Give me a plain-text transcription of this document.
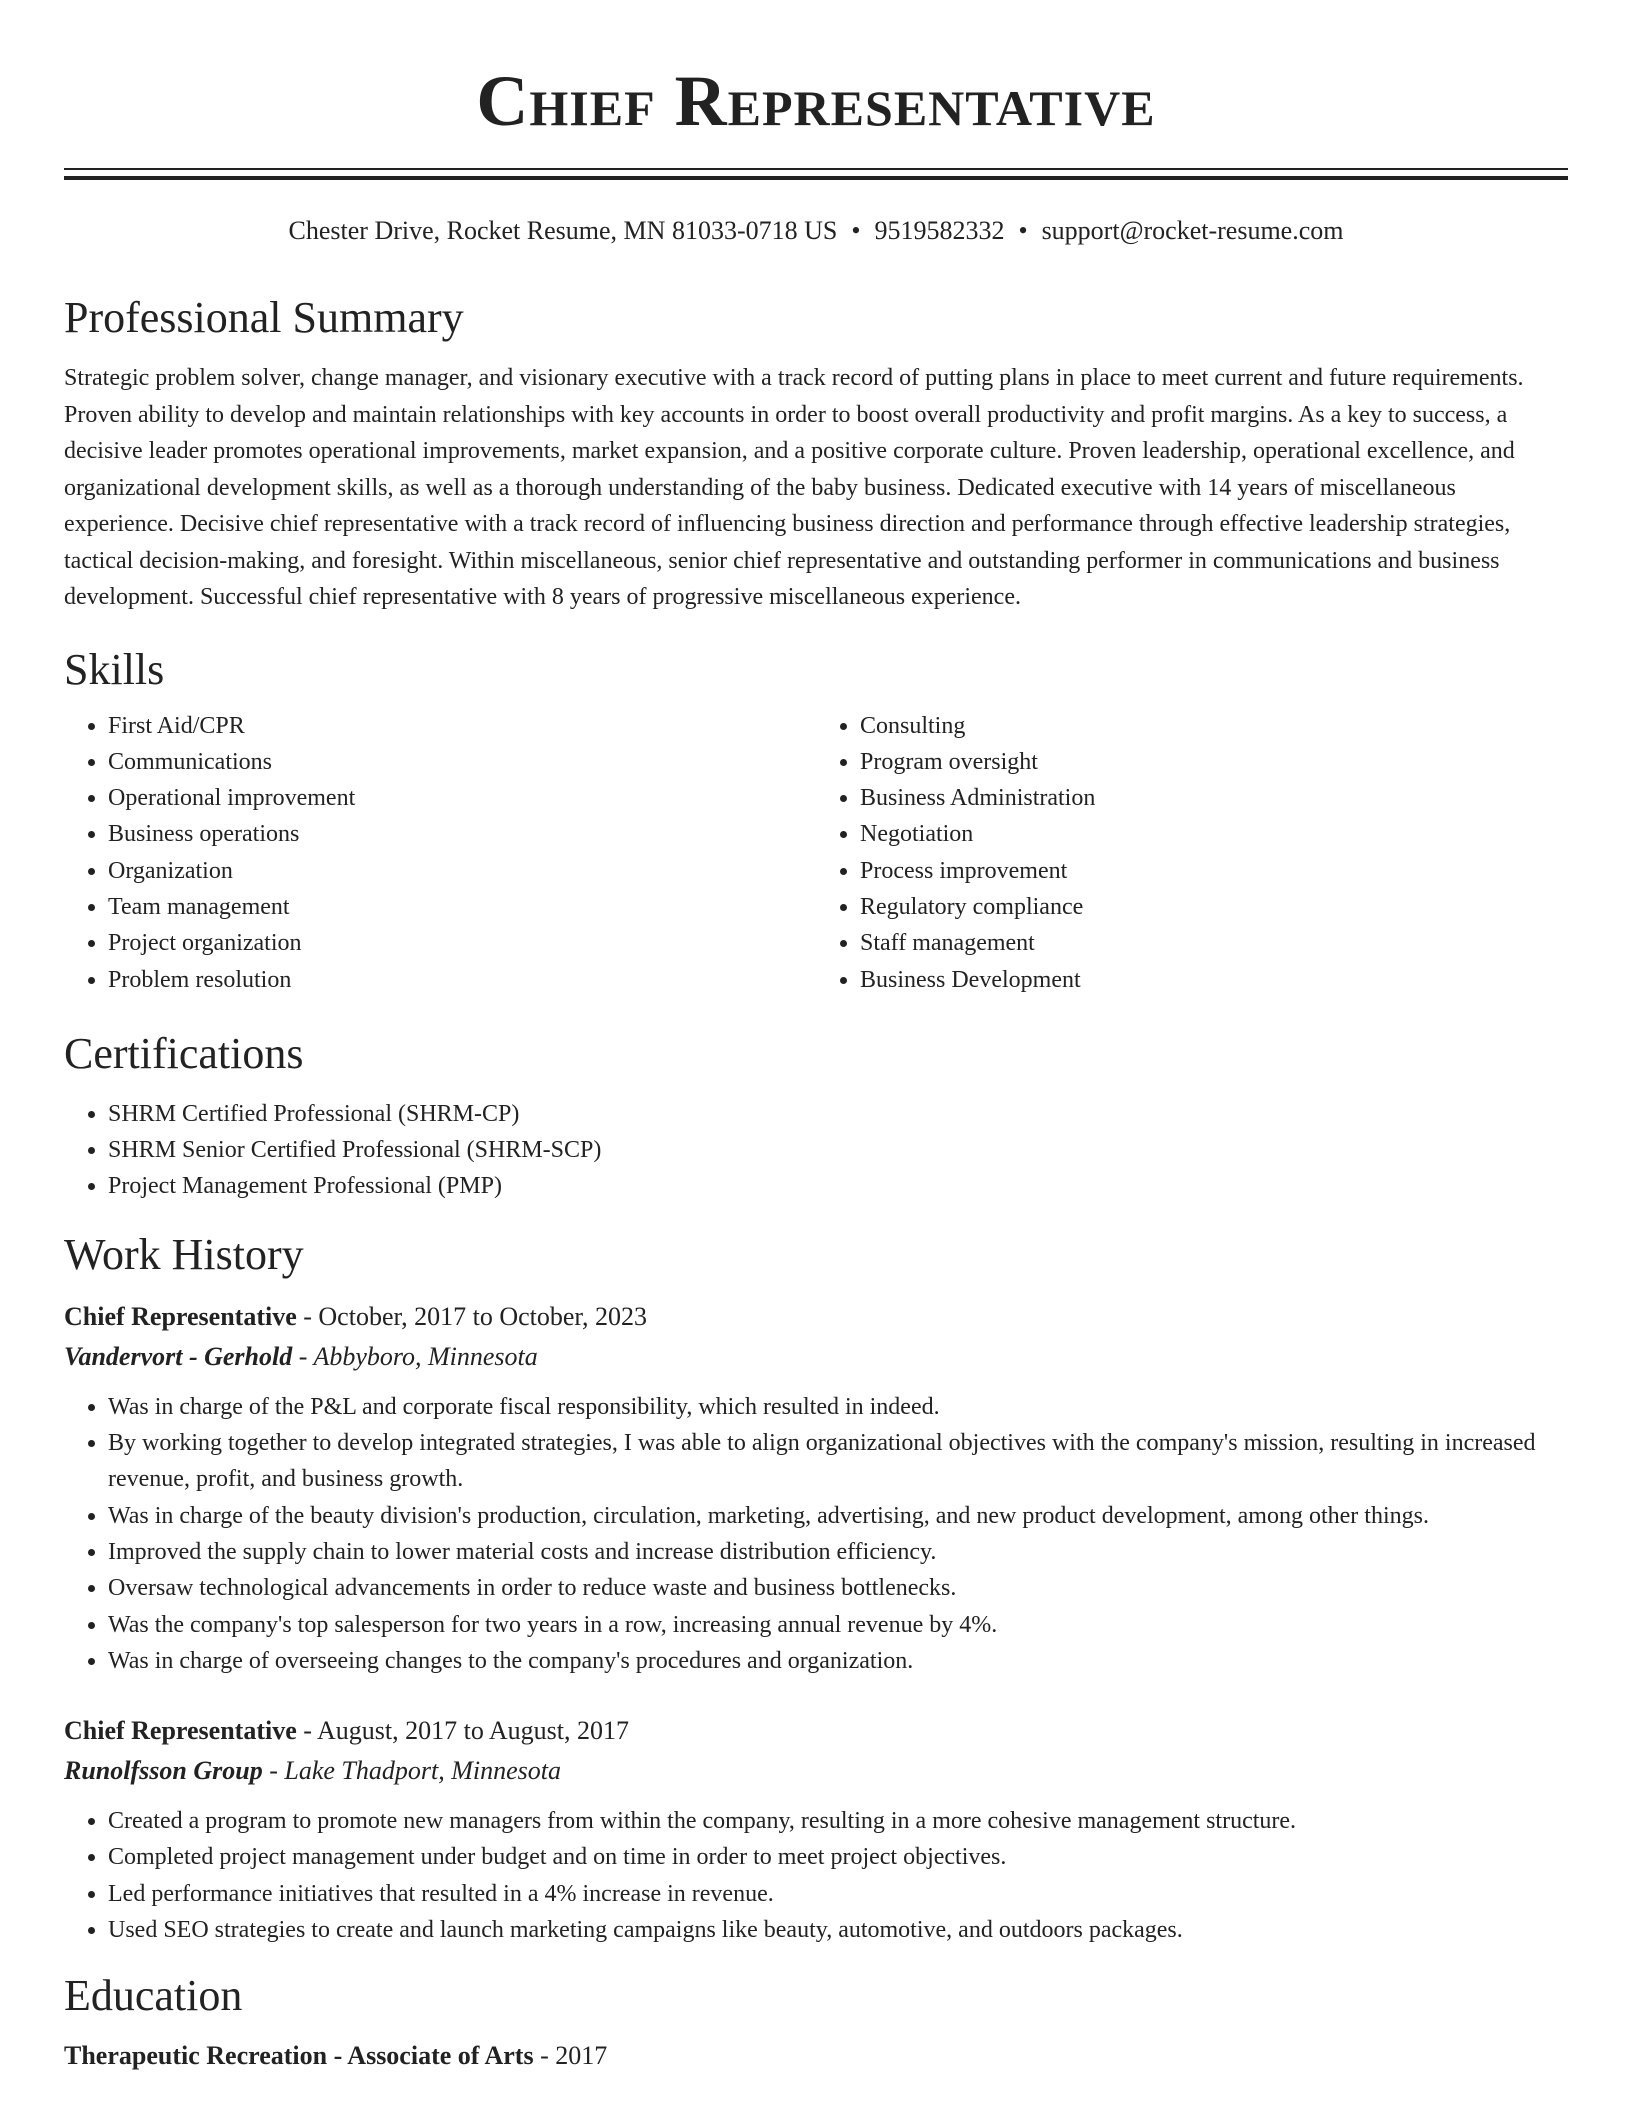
Chief Representative
Chester Drive, Rocket Resume, MN 81033-0718 US • 9519582332 • support@rocket-resume.com
Professional Summary
Strategic problem solver, change manager, and visionary executive with a track record of putting plans in place to meet current and future requirements. Proven ability to develop and maintain relationships with key accounts in order to boost overall productivity and profit margins. As a key to success, a decisive leader promotes operational improvements, market expansion, and a positive corporate culture. Proven leadership, operational excellence, and organizational development skills, as well as a thorough understanding of the baby business. Dedicated executive with 14 years of miscellaneous experience. Decisive chief representative with a track record of influencing business direction and performance through effective leadership strategies, tactical decision-making, and foresight. Within miscellaneous, senior chief representative and outstanding performer in communications and business development. Successful chief representative with 8 years of progressive miscellaneous experience.
Skills
• First Aid/CPR
• Communications
• Operational improvement
• Business operations
• Organization
• Team management
• Project organization
• Problem resolution
• Consulting
• Program oversight
• Business Administration
• Negotiation
• Process improvement
• Regulatory compliance
• Staff management
• Business Development
Certifications
• SHRM Certified Professional (SHRM-CP)
• SHRM Senior Certified Professional (SHRM-SCP)
• Project Management Professional (PMP)
Work History
Chief Representative - October, 2017 to October, 2023
Vandervort - Gerhold - Abbyboro, Minnesota
• Was in charge of the P&L and corporate fiscal responsibility, which resulted in indeed.
• By working together to develop integrated strategies, I was able to align organizational objectives with the company's mission, resulting in increased revenue, profit, and business growth.
• Was in charge of the beauty division's production, circulation, marketing, advertising, and new product development, among other things.
• Improved the supply chain to lower material costs and increase distribution efficiency.
• Oversaw technological advancements in order to reduce waste and business bottlenecks.
• Was the company's top salesperson for two years in a row, increasing annual revenue by 4%.
• Was in charge of overseeing changes to the company's procedures and organization.
Chief Representative - August, 2017 to August, 2017
Runolfsson Group - Lake Thadport, Minnesota
• Created a program to promote new managers from within the company, resulting in a more cohesive management structure.
• Completed project management under budget and on time in order to meet project objectives.
• Led performance initiatives that resulted in a 4% increase in revenue.
• Used SEO strategies to create and launch marketing campaigns like beauty, automotive, and outdoors packages.
Education
Therapeutic Recreation - Associate of Arts - 2017
